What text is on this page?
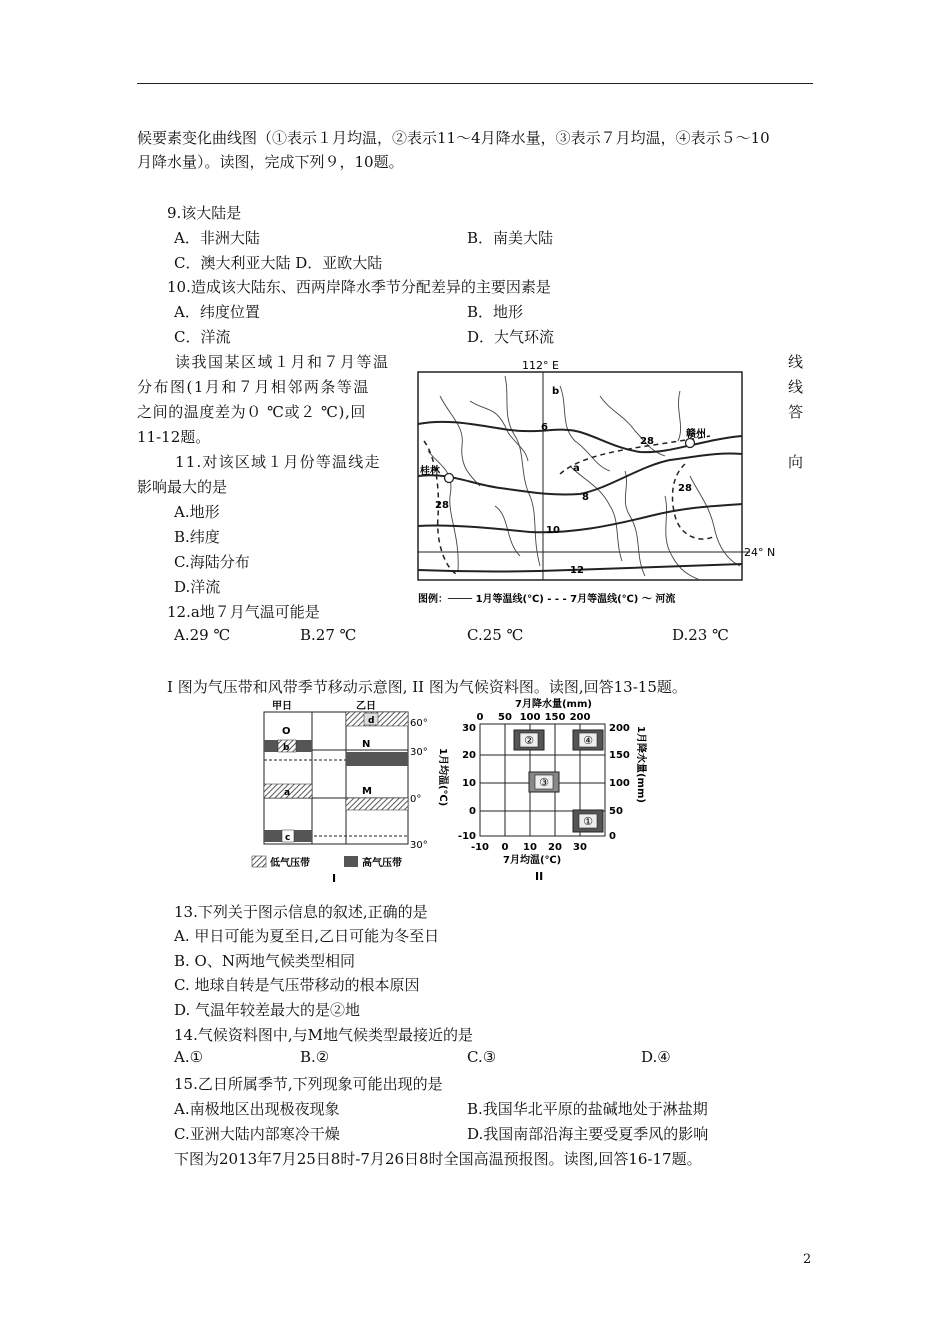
候要素变化曲线图（①表示１月均温，②表示11～4月降水量，③表示７月均温，④表示５～10
月降水量）。读图，完成下列９，10题。
9.该大陆是
A．非洲大陆	B．南美大陆
C．澳大利亚大陆 D．亚欧大陆
10.造成该大陆东、西两岸降水季节分配差异的主要因素是
A．纬度位置	B．地形
C．洋流	D．大气环流
读我国某区域１月和７月等温	线
分布图(1月和７月相邻两条等温	线
之间的温度差为０ ℃或２ ℃),回	答
11-12题。
11.对该区域１月份等温线走	向
影响最大的是
A.地形
B.纬度
C.海陆分布
D.洋流
112° E
24° N
赣州
桂林
b
a
6
8
10
12
28
28
28
图例：──── 1月等温线(℃) - - - 7月等温线(℃) ～ 河流
12.a地７月气温可能是
A.29 ℃	B.27 ℃	C.25 ℃	D.23 ℃
Ⅰ 图为气压带和风带季节移动示意图, II 图为气候资料图。读图,回答13-15题。
甲日	乙日
60°
30°
0°
30°
O
b
a
c
d
N
M
低气压带	高气压带
I
7月降水量(mm)
0 50 100 150 200
30
20
10
0
-10
1月均温(℃)
200
150
100
50
0
1月降水量(mm)
-10 0 10 20 30
7月均温(℃)
②	④
③
①
II
13.下列关于图示信息的叙述,正确的是
A. 甲日可能为夏至日,乙日可能为冬至日
B. O、N两地气候类型相同
C. 地球自转是气压带移动的根本原因
D. 气温年较差最大的是②地
14.气候资料图中,与M地气候类型最接近的是
A.①	B.②	C.③	D.④
15.乙日所属季节,下列现象可能出现的是
A.南极地区出现极夜现象	B.我国华北平原的盐碱地处于淋盐期
C.亚洲大陆内部寒冷干燥	D.我国南部沿海主要受夏季风的影响
下图为2013年7月25日8时-7月26日8时全国高温预报图。读图,回答16-17题。
2
